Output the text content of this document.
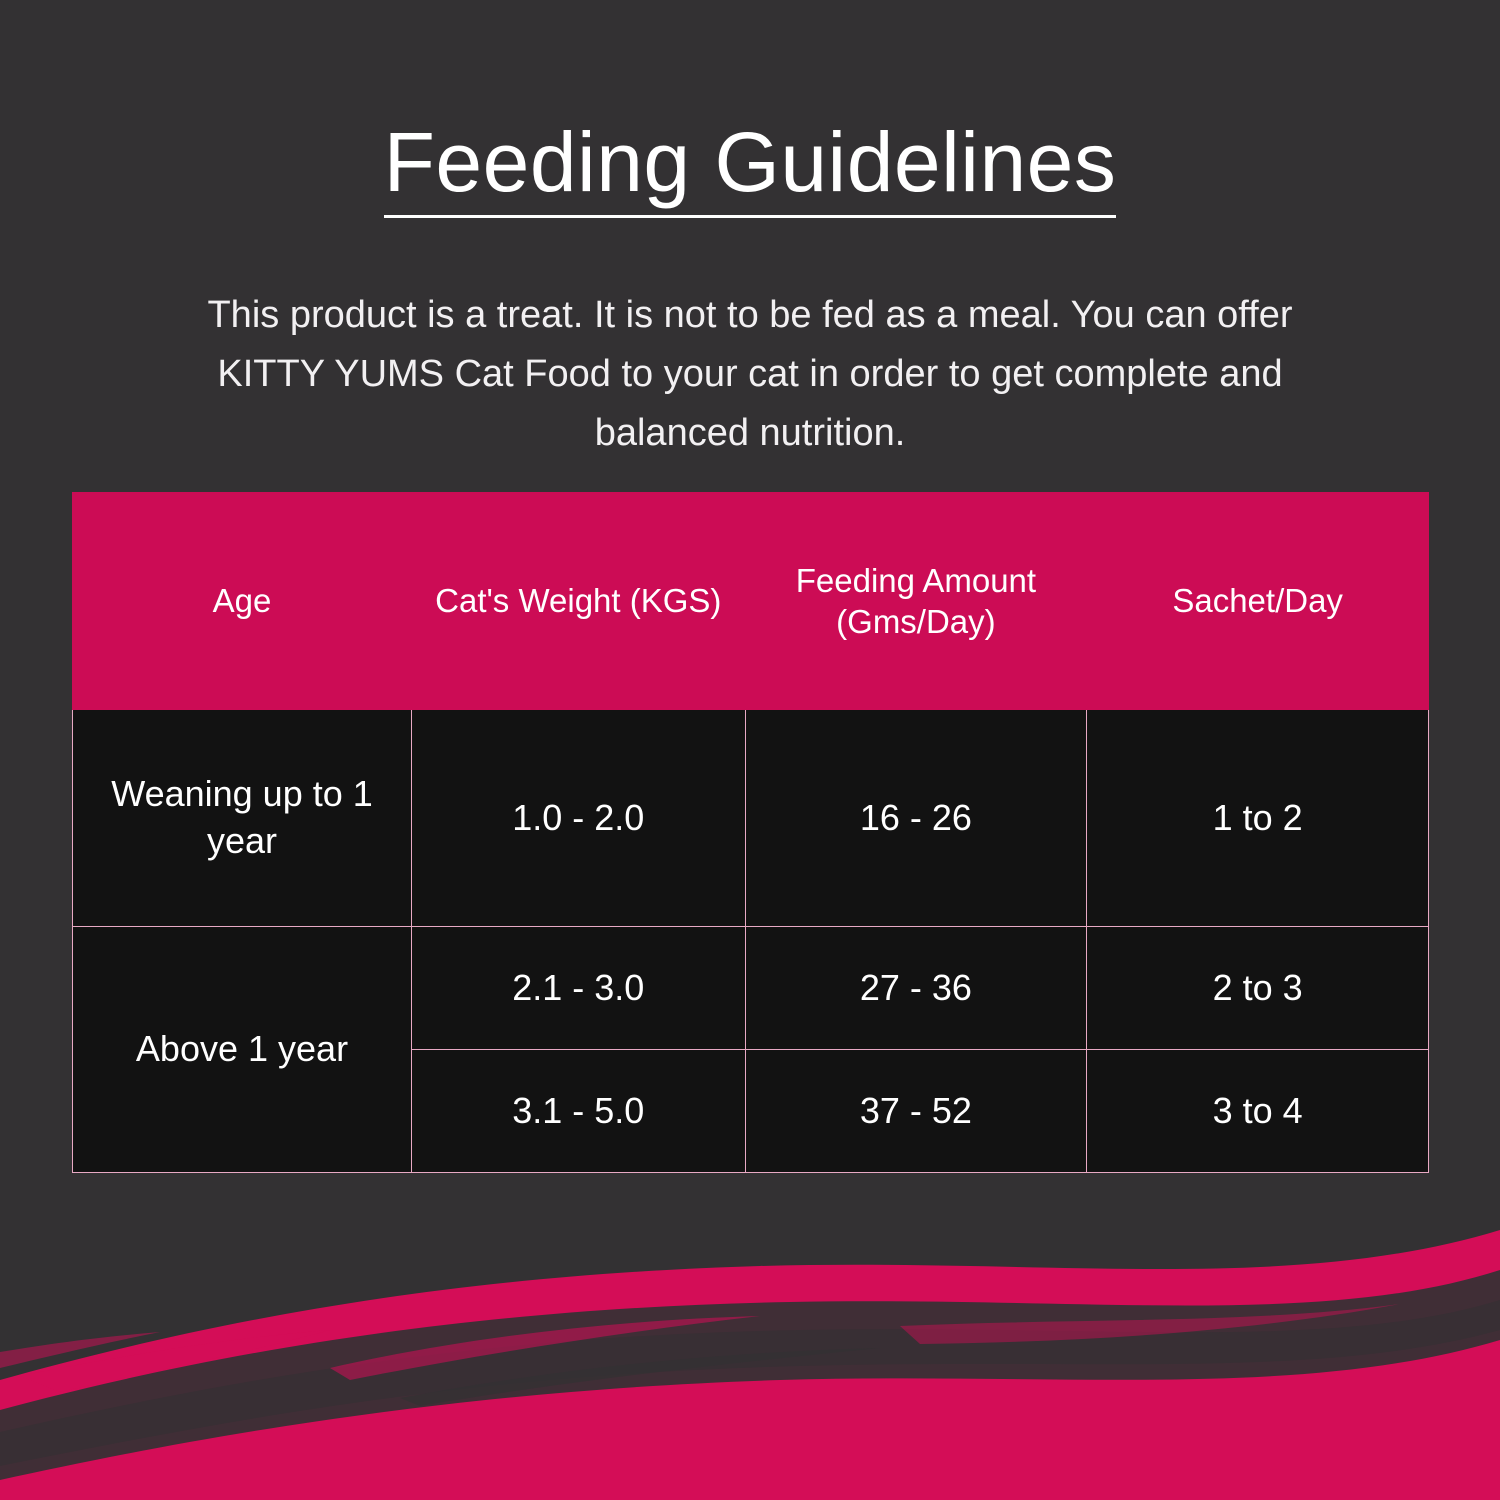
Feeding Guidelines

This product is a treat. It is not to be fed as a meal. You can offer KITTY YUMS Cat Food to your cat in order to get complete and balanced nutrition.

Age	Cat's Weight (KGS)	Feeding Amount (Gms/Day)	Sachet/Day
Weaning up to 1 year	1.0 - 2.0	16 - 26	1 to 2
Above 1 year	2.1 - 3.0	27 - 36	2 to 3
	3.1 - 5.0	37 - 52	3 to 4
